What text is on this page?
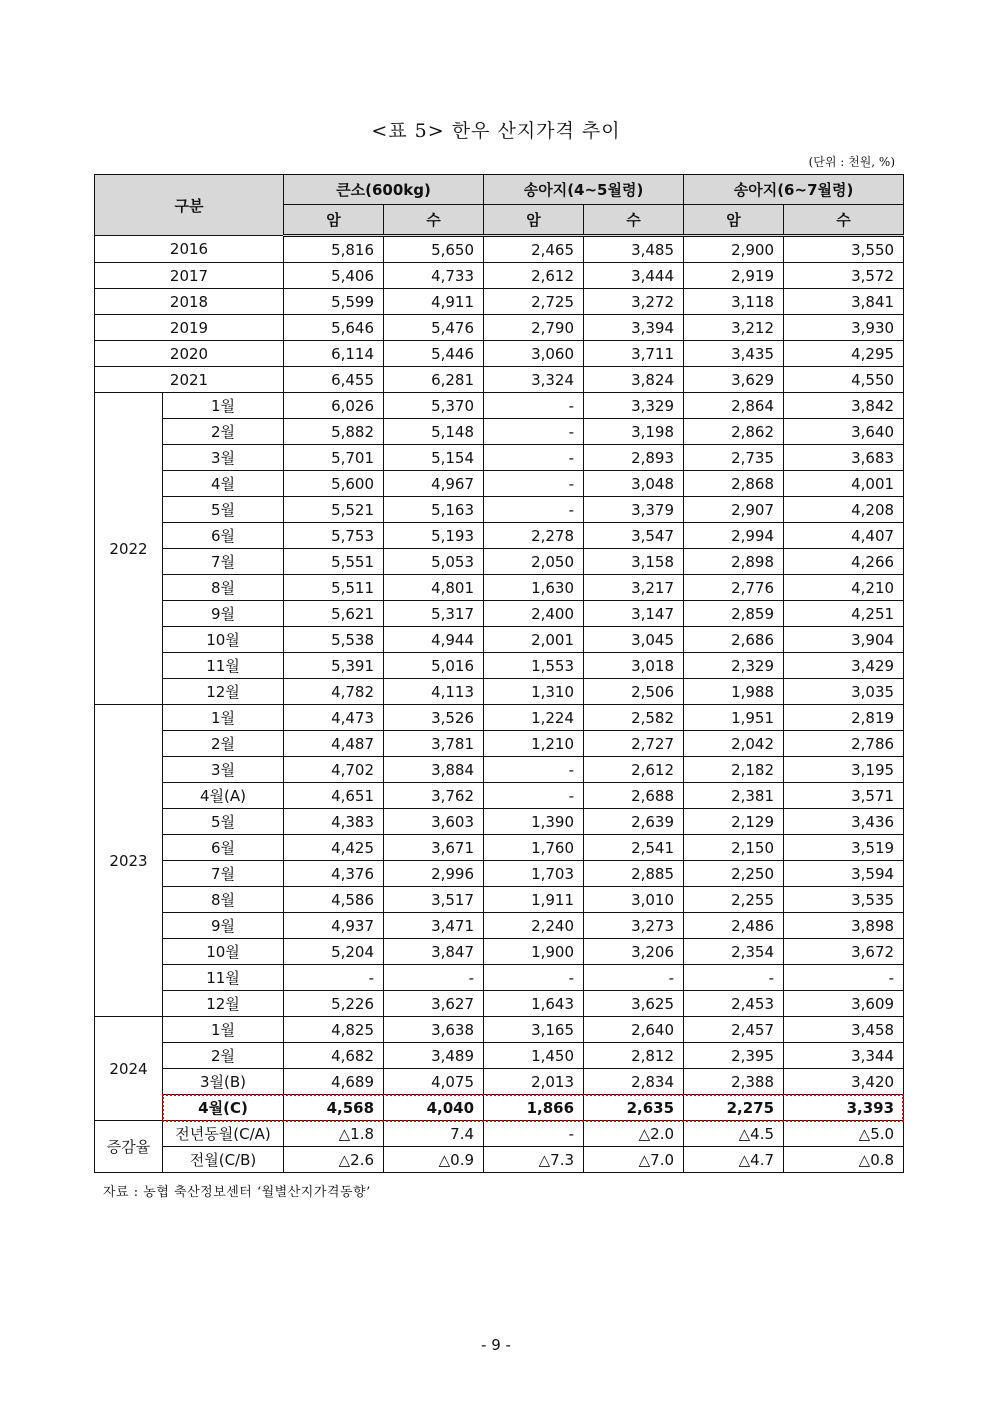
<표 5> 한우 산지가격 추이
(단위 : 천원, %)
구분		큰소(600kg)		송아지(4~5월령)		송아지(6~7월령)	
		암	수	암	수	암	수
2016		5,816	5,650	2,465	3,485	2,900	3,550
2017		5,406	4,733	2,612	3,444	2,919	3,572
2018		5,599	4,911	2,725	3,272	3,118	3,841
2019		5,646	5,476	2,790	3,394	3,212	3,930
2020		6,114	5,446	3,060	3,711	3,435	4,295
2021		6,455	6,281	3,324	3,824	3,629	4,550
2022	1월	6,026	5,370	-	3,329	2,864	3,842
	2월	5,882	5,148	-	3,198	2,862	3,640
	3월	5,701	5,154	-	2,893	2,735	3,683
	4월	5,600	4,967	-	3,048	2,868	4,001
	5월	5,521	5,163	-	3,379	2,907	4,208
	6월	5,753	5,193	2,278	3,547	2,994	4,407
	7월	5,551	5,053	2,050	3,158	2,898	4,266
	8월	5,511	4,801	1,630	3,217	2,776	4,210
	9월	5,621	5,317	2,400	3,147	2,859	4,251
	10월	5,538	4,944	2,001	3,045	2,686	3,904
	11월	5,391	5,016	1,553	3,018	2,329	3,429
	12월	4,782	4,113	1,310	2,506	1,988	3,035
2023	1월	4,473	3,526	1,224	2,582	1,951	2,819
	2월	4,487	3,781	1,210	2,727	2,042	2,786
	3월	4,702	3,884	-	2,612	2,182	3,195
	4월(A)	4,651	3,762	-	2,688	2,381	3,571
	5월	4,383	3,603	1,390	2,639	2,129	3,436
	6월	4,425	3,671	1,760	2,541	2,150	3,519
	7월	4,376	2,996	1,703	2,885	2,250	3,594
	8월	4,586	3,517	1,911	3,010	2,255	3,535
	9월	4,937	3,471	2,240	3,273	2,486	3,898
	10월	5,204	3,847	1,900	3,206	2,354	3,672
	11월	-	-	-	-	-	-
	12월	5,226	3,627	1,643	3,625	2,453	3,609
2024	1월	4,825	3,638	3,165	2,640	2,457	3,458
	2월	4,682	3,489	1,450	2,812	2,395	3,344
	3월(B)	4,689	4,075	2,013	2,834	2,388	3,420
	4월(C)	4,568	4,040	1,866	2,635	2,275	3,393
증감율	전년동월(C/A)	△1.8	7.4	-	△2.0	△4.5	△5.0
	전월(C/B)	△2.6	△0.9	△7.3	△7.0	△4.7	△0.8
자료 : 농협 축산정보센터 ‘월별산지가격동향’
- 9 -
